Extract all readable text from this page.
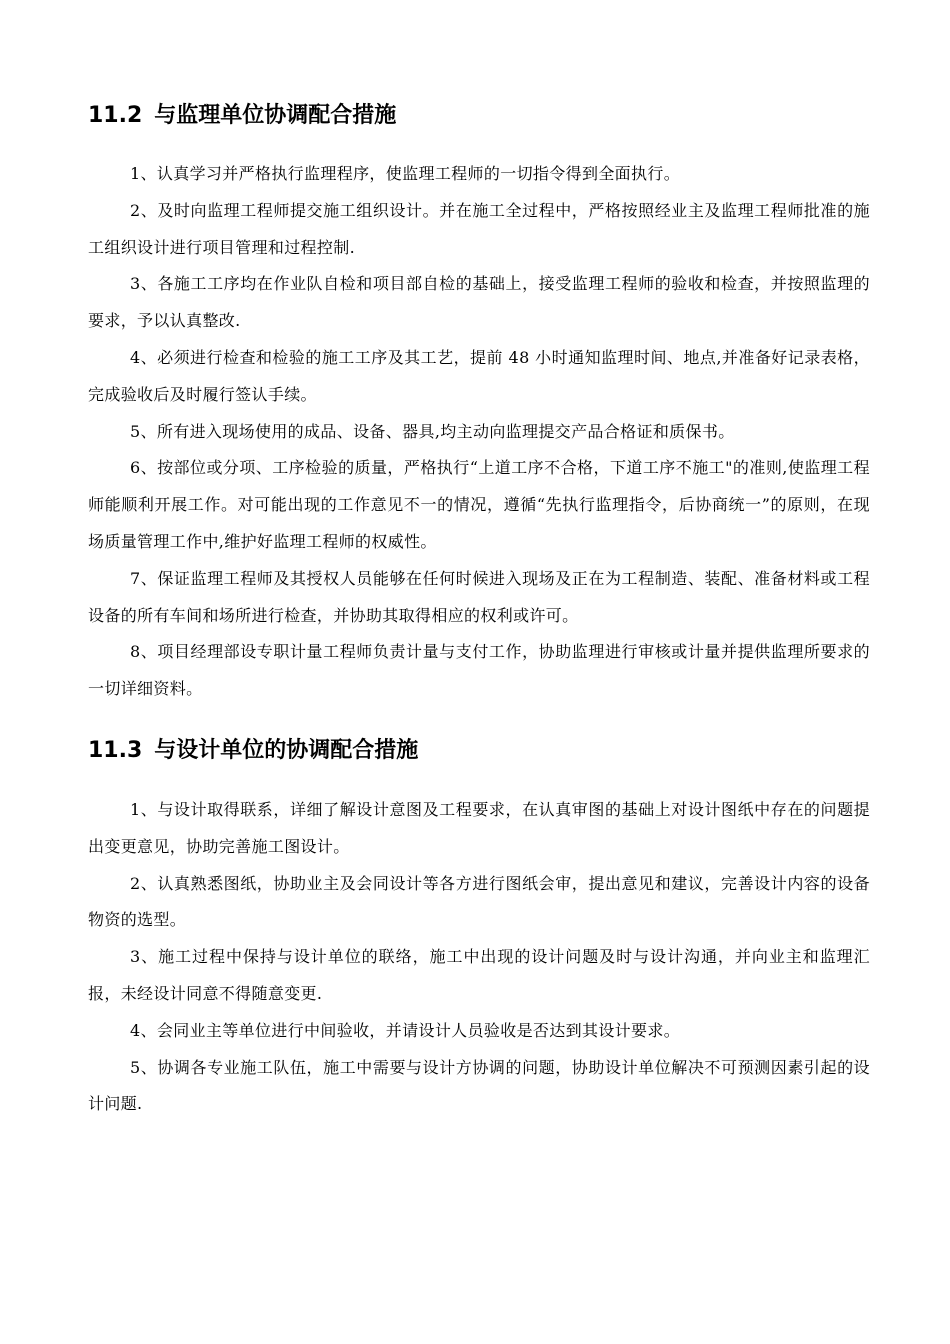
11.2 与监理单位协调配合措施

1、认真学习并严格执行监理程序，使监理工程师的一切指令得到全面执行。

2、及时向监理工程师提交施工组织设计。并在施工全过程中，严格按照经业主及监理工程师批准的施工组织设计进行项目管理和过程控制.

3、各施工工序均在作业队自检和项目部自检的基础上，接受监理工程师的验收和检查，并按照监理的要求，予以认真整改.

4、必须进行检查和检验的施工工序及其工艺，提前 48 小时通知监理时间、地点,并准备好记录表格，完成验收后及时履行签认手续。

5、所有进入现场使用的成品、设备、器具,均主动向监理提交产品合格证和质保书。

6、按部位或分项、工序检验的质量，严格执行“上道工序不合格，下道工序不施工"的准则,使监理工程师能顺利开展工作。对可能出现的工作意见不一的情况，遵循“先执行监理指令，后协商统一”的原则，在现场质量管理工作中,维护好监理工程师的权威性。

7、保证监理工程师及其授权人员能够在任何时候进入现场及正在为工程制造、装配、准备材料或工程设备的所有车间和场所进行检查，并协助其取得相应的权利或许可。

8、项目经理部设专职计量工程师负责计量与支付工作，协助监理进行审核或计量并提供监理所要求的一切详细资料。

11.3 与设计单位的协调配合措施

1、与设计取得联系，详细了解设计意图及工程要求，在认真审图的基础上对设计图纸中存在的问题提出变更意见，协助完善施工图设计。

2、认真熟悉图纸，协助业主及会同设计等各方进行图纸会审，提出意见和建议，完善设计内容的设备物资的选型。

3、施工过程中保持与设计单位的联络，施工中出现的设计问题及时与设计沟通，并向业主和监理汇报，未经设计同意不得随意变更.

4、会同业主等单位进行中间验收，并请设计人员验收是否达到其设计要求。

5、协调各专业施工队伍，施工中需要与设计方协调的问题，协助设计单位解决不可预测因素引起的设计问题.
